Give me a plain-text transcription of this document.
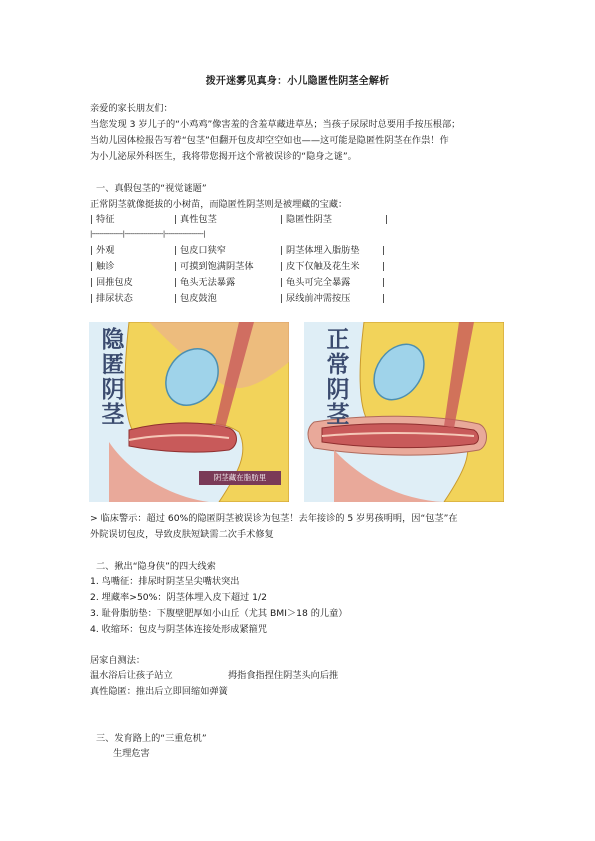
拨开迷雾见真身：小儿隐匿性阴茎全解析
亲爱的家长朋友们：
当您发现 3 岁儿子的“小鸡鸡”像害羞的含羞草藏进草丛；当孩子尿尿时总要用手按压根部；
当幼儿园体检报告写着“包茎”但翻开包皮却空空如也——这可能是隐匿性阴茎在作祟！作
为小儿泌尿外科医生，我将带您揭开这个常被误诊的“隐身之谜”。
一、真假包茎的“视觉谜题”
正常阴茎就像挺拔的小树苗，而隐匿性阴茎则是被埋藏的宝藏：
| 特征	| 真性包茎	| 隐匿性阴茎	|
|----------------|--------------------|--------------------|
| 外观	| 包皮口狭窄	| 阴茎体埋入脂肪垫 |
| 触诊	| 可摸到饱满阴茎体	| 皮下仅触及花生米 |
| 回推包皮	| 龟头无法暴露	| 龟头可完全暴露	|
| 排尿状态	| 包皮鼓泡	| 尿线前冲需按压	|
隐
匿
阴
茎
阴茎藏在脂肪里
正
常
阴
茎
> 临床警示：超过 60%的隐匿阴茎被误诊为包茎！去年接诊的 5 岁男孩明明，因“包茎”在
外院误切包皮，导致皮肤短缺需二次手术修复
二、揪出“隐身侠”的四大线索
1. 鸟嘴征：排尿时阴茎呈尖嘴状突出
2. 埋藏率>50%：阴茎体埋入皮下超过 1/2
3. 耻骨脂肪垫：下腹壁肥厚如小山丘（尤其 BMI＞18 的儿童）
4. 收缩环：包皮与阴茎体连接处形成紧箍咒
居家自测法：
温水浴后让孩子站立	拇指食指捏住阴茎头向后推
真性隐匿：推出后立即回缩如弹簧
三、发育路上的“三重危机”
生理危害
